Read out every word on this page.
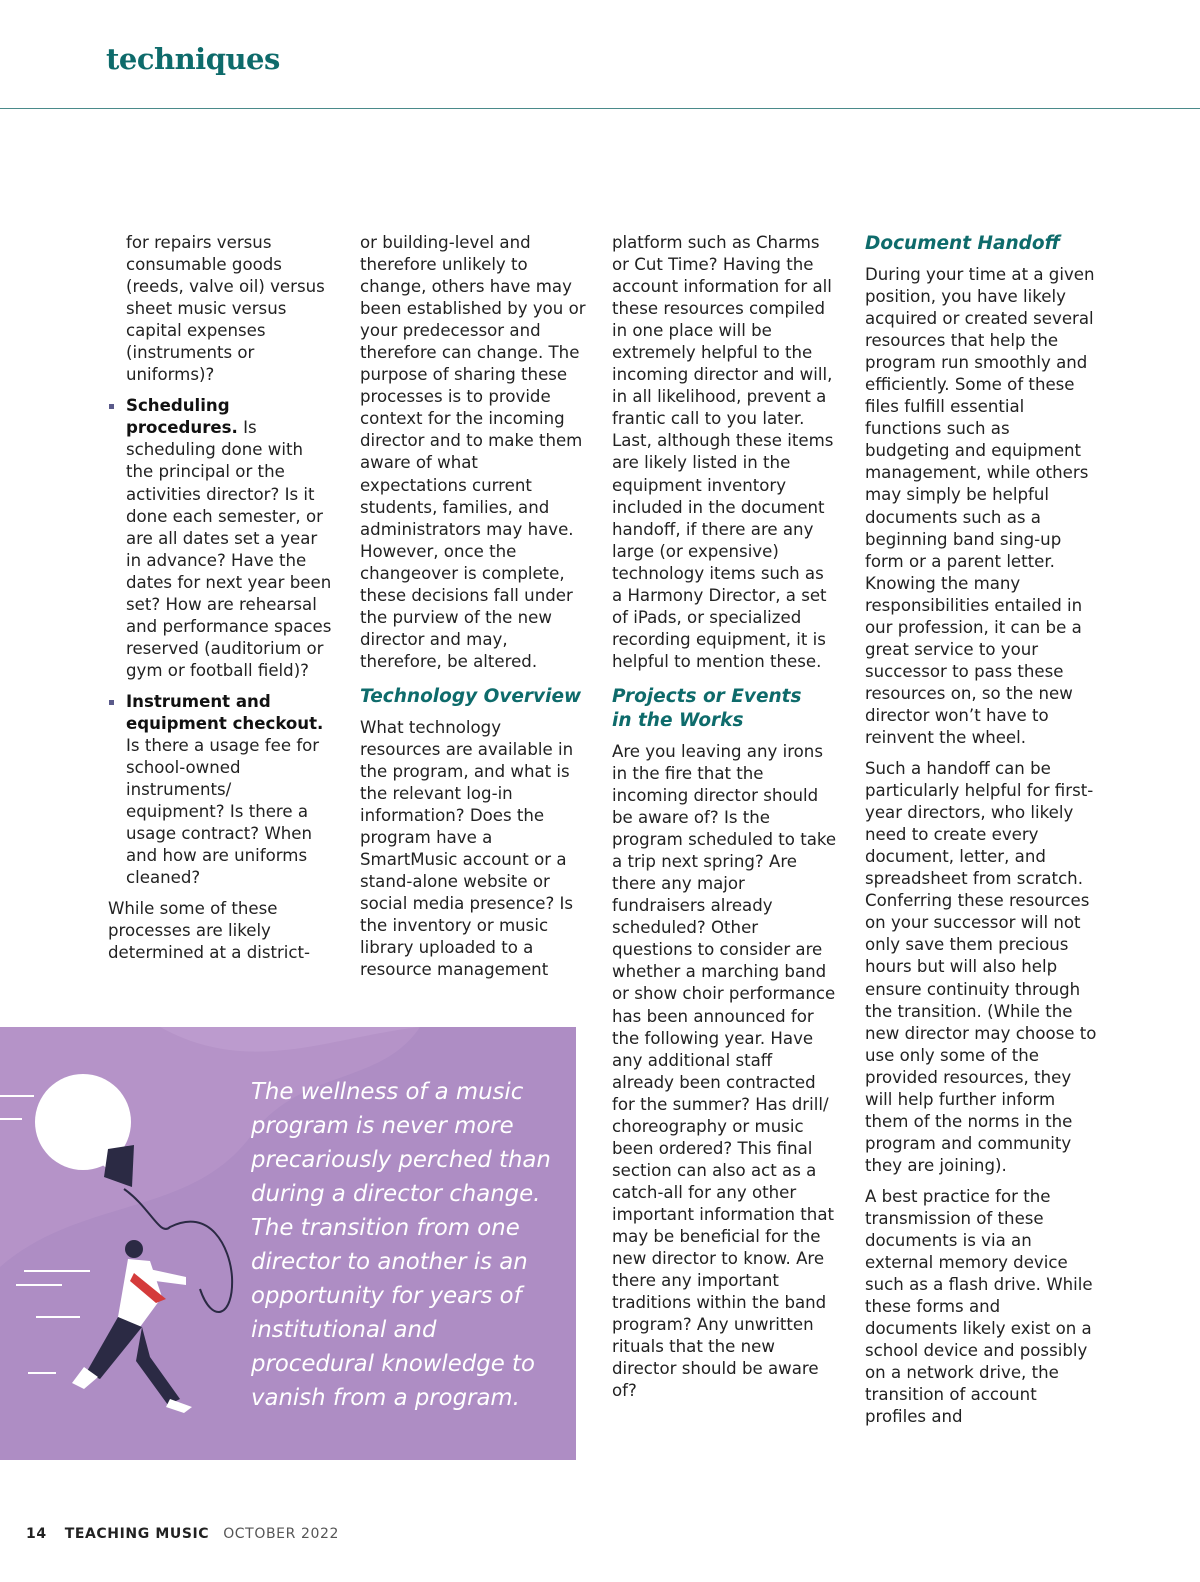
techniques

for repairs versus consumable goods (reeds, valve oil) versus sheet music versus capital expenses (instruments or uniforms)?

Scheduling procedures. Is scheduling done with the principal or the activities director? Is it done each semester, or are all dates set a year in advance? Have the dates for next year been set? How are rehearsal and performance spaces reserved (auditorium or gym or football field)?
Instrument and equipment checkout. Is there a usage fee for school-owned instruments/ equipment? Is there a usage contract? When and how are uniforms cleaned?

While some of these processes are likely determined at a district-

or building-level and therefore unlikely to change, others have may been established by you or your predecessor and therefore can change. The purpose of sharing these processes is to provide context for the incoming director and to make them aware of what expectations current students, families, and administrators may have. However, once the changeover is complete, these decisions fall under the purview of the new director and may, therefore, be altered.

Technology Overview

What technology resources are available in the program, and what is the relevant log-in information? Does the program have a SmartMusic account or a stand-alone website or social media presence? Is the inventory or music library uploaded to a resource management

platform such as Charms or Cut Time? Having the account information for all these resources compiled in one place will be extremely helpful to the incoming director and will, in all likelihood, prevent a frantic call to you later. Last, although these items are likely listed in the equipment inventory included in the document handoff, if there are any large (or expensive) technology items such as a Harmony Director, a set of iPads, or specialized recording equipment, it is helpful to mention these.

Projects or Events
in the Works

Are you leaving any irons in the fire that the incoming director should be aware of? Is the program scheduled to take a trip next spring? Are there any major fundraisers already scheduled? Other questions to consider are whether a marching band or show choir performance has been announced for the following year. Have any additional staff already been contracted for the summer? Has drill/ choreography or music been ordered? This final section can also act as a catch-all for any other important information that may be beneficial for the new director to know. Are there any important traditions within the band program? Any unwritten rituals that the new director should be aware of?

Document Handoff

During your time at a given position, you have likely acquired or created several resources that help the program run smoothly and efficiently. Some of these files fulfill essential functions such as budgeting and equipment management, while others may simply be helpful documents such as a beginning band sing-up form or a parent letter. Knowing the many responsibilities entailed in our profession, it can be a great service to your successor to pass these resources on, so the new director won’t have to reinvent the wheel.

Such a handoff can be particularly helpful for first-year directors, who likely need to create every document, letter, and spreadsheet from scratch. Conferring these resources on your successor will not only save them precious hours but will also help ensure continuity through the transition. (While the new director may choose to use only some of the provided resources, they will help further inform them of the norms in the program and community they are joining).

A best practice for the transmission of these documents is via an external memory device such as a flash drive. While these forms and documents likely exist on a school device and possibly on a network drive, the transition of account profiles and

The wellness of a music program is never more precariously perched than during a director change. The transition from one director to another is an opportunity for years of institutional and procedural knowledge to vanish from a program.

14 TEACHING MUSIC OCTOBER 2022
